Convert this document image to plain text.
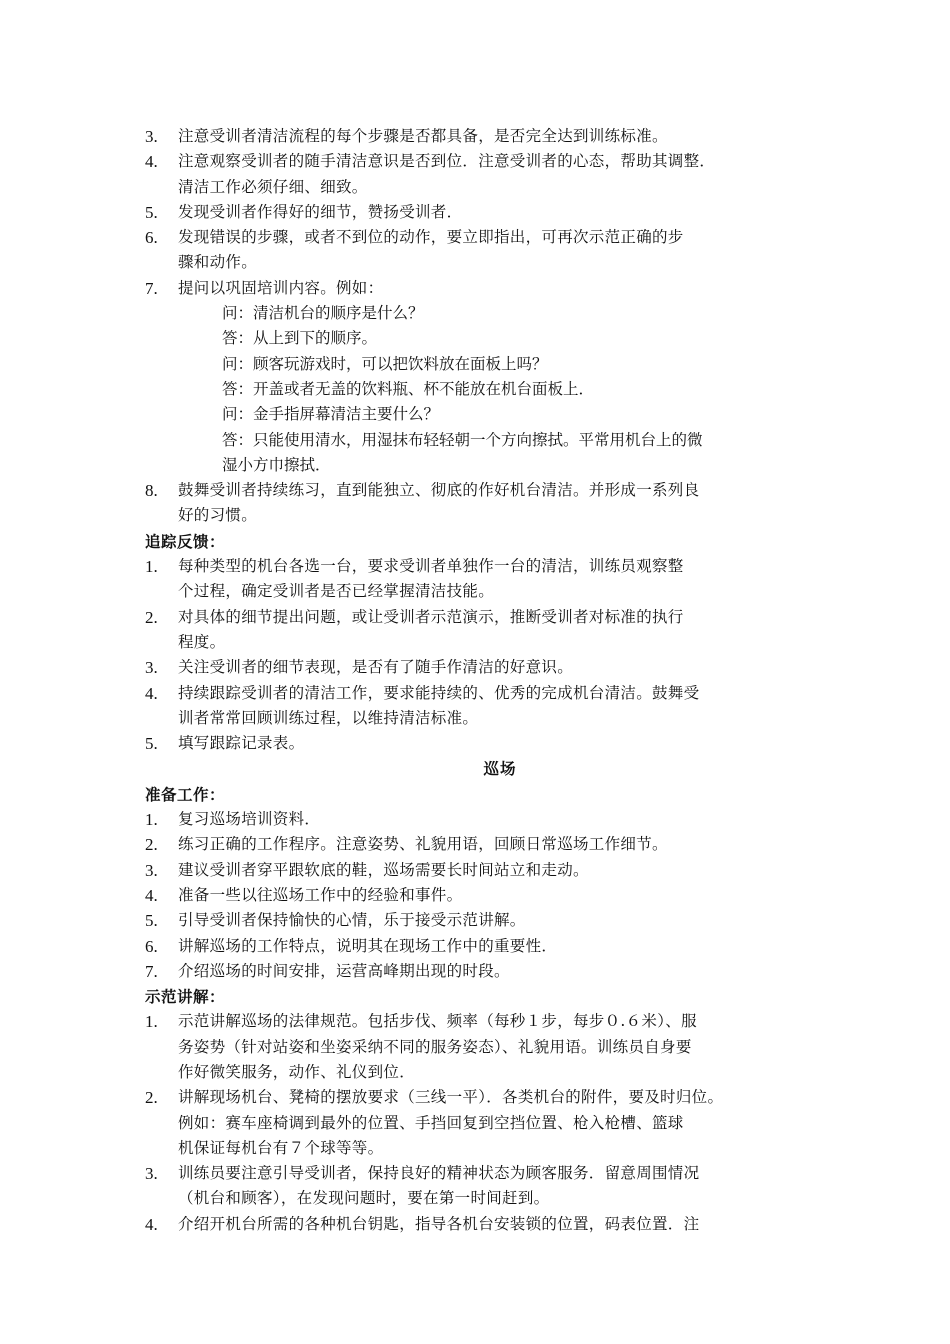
3.	注意受训者清洁流程的每个步骤是否都具备，是否完全达到训练标准。
4.	注意观察受训者的随手清洁意识是否到位．注意受训者的心态，帮助其调整．
清洁工作必须仔细、细致。
5.	发现受训者作得好的细节，赞扬受训者．
6.	发现错误的步骤，或者不到位的动作，要立即指出，可再次示范正确的步
骤和动作。
7.	提问以巩固培训内容。例如：
问：清洁机台的顺序是什么？
答：从上到下的顺序。
问：顾客玩游戏时，可以把饮料放在面板上吗？
答：开盖或者无盖的饮料瓶、杯不能放在机台面板上．
问：金手指屏幕清洁主要什么？
答：只能使用清水，用湿抹布轻轻朝一个方向擦拭。平常用机台上的微
湿小方巾擦拭．
8.	鼓舞受训者持续练习，直到能独立、彻底的作好机台清洁。并形成一系列良
好的习惯。
追踪反馈：
1.	每种类型的机台各选一台，要求受训者单独作一台的清洁，训练员观察整
个过程，确定受训者是否已经掌握清洁技能。
2.	对具体的细节提出问题，或让受训者示范演示，推断受训者对标准的执行
程度。
3.	关注受训者的细节表现，是否有了随手作清洁的好意识。
4.	持续跟踪受训者的清洁工作，要求能持续的、优秀的完成机台清洁。鼓舞受
训者常常回顾训练过程，以维持清洁标准。
5.	填写跟踪记录表。
巡场
准备工作：
1.	复习巡场培训资料．
2.	练习正确的工作程序。注意姿势、礼貌用语，回顾日常巡场工作细节。
3.	建议受训者穿平跟软底的鞋，巡场需要长时间站立和走动。
4.	准备一些以往巡场工作中的经验和事件。
5.	引导受训者保持愉快的心情，乐于接受示范讲解。
6.	讲解巡场的工作特点，说明其在现场工作中的重要性．
7.	介绍巡场的时间安排，运营高峰期出现的时段。
示范讲解：
1.	示范讲解巡场的法律规范。包括步伐、频率（每秒１步，每步０.６米）、服
务姿势（针对站姿和坐姿采纳不同的服务姿态）、礼貌用语。训练员自身要
作好微笑服务，动作、礼仪到位．
2.	讲解现场机台、凳椅的摆放要求（三线一平）．各类机台的附件，要及时归位。
例如：赛车座椅调到最外的位置、手挡回复到空挡位置、枪入枪槽、篮球
机保证每机台有７个球等等。
3.	训练员要注意引导受训者，保持良好的精神状态为顾客服务．留意周围情况
（机台和顾客），在发现问题时，要在第一时间赶到。
4.	介绍开机台所需的各种机台钥匙，指导各机台安装锁的位置，码表位置．注
